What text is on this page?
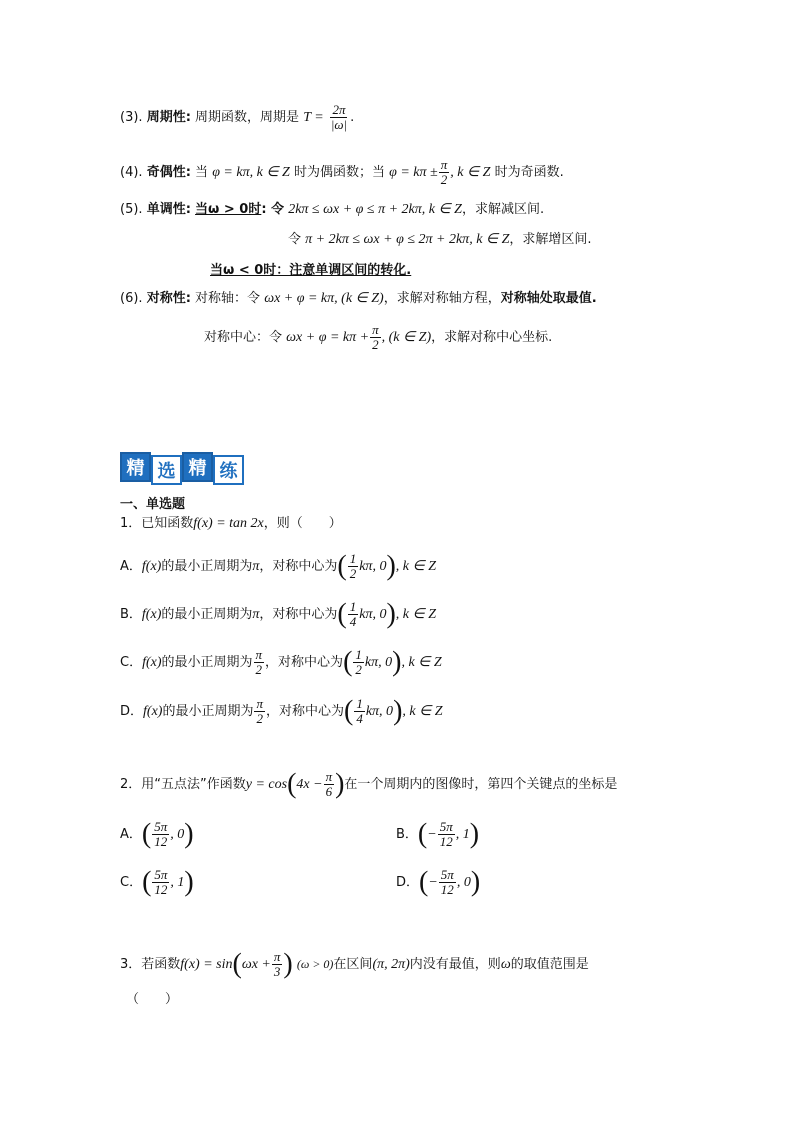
(3). 周期性: 周期函数，周期是 $T = \frac{2\pi}{|\omega|}$ .
(4). 奇偶性: 当 φ = kπ, k ∈ Z 时为偶函数；当 $\varphi = k\pi \pm \frac{\pi}{2}$ , k ∈ Z 时为奇函数.
(5). 单调性: 当ω > 0时: 令 2kπ ≤ ωx + φ ≤ π + 2kπ, k ∈ Z，求解减区间.
令 π + 2kπ ≤ ωx + φ ≤ 2π + 2kπ, k ∈ Z，求解增区间.
当ω < 0时：注意单调区间的转化.
(6). 对称性: 对称轴：令 ωx + φ = kπ, (k ∈ Z)，求解对称轴方程，对称轴处取最值.
对称中心：令 $\omega x + \varphi = k\pi + \frac{\pi}{2}$ , (k ∈ Z)，求解对称中心坐标.
精 选 精 练
一、单选题
1．已知函数f(x) = tan 2x，则（　　）
A．f(x)的最小正周期为π，对称中心为( $\frac{1}{2} k\pi$, 0), k ∈ Z
B．f(x)的最小正周期为π，对称中心为( $\frac{1}{4} k\pi$, 0), k ∈ Z
C．f(x)的最小正周期为 $\frac{\pi}{2}$ ，对称中心为( $\frac{1}{2} k\pi$, 0), k ∈ Z
D．f(x)的最小正周期为 $\frac{\pi}{2}$ ，对称中心为( $\frac{1}{4} k\pi$, 0), k ∈ Z
2．用“五点法”作函数$y = \cos(4x - \frac{\pi}{6}$ )在一个周期内的图像时，第四个关键点的坐标是
A．( $\frac{5\pi}{12}$ , 0)	B．(− $\frac{5\pi}{12}$ , 1)
C．( $\frac{5\pi}{12}$ , 1)	D．(− $\frac{5\pi}{12}$ , 0)
3．若函数$f(x) = \sin(\omega x + \frac{\pi}{3}$ ) (ω > 0)在区间(π, 2π)内没有最值，则ω的取值范围是
（　　）
